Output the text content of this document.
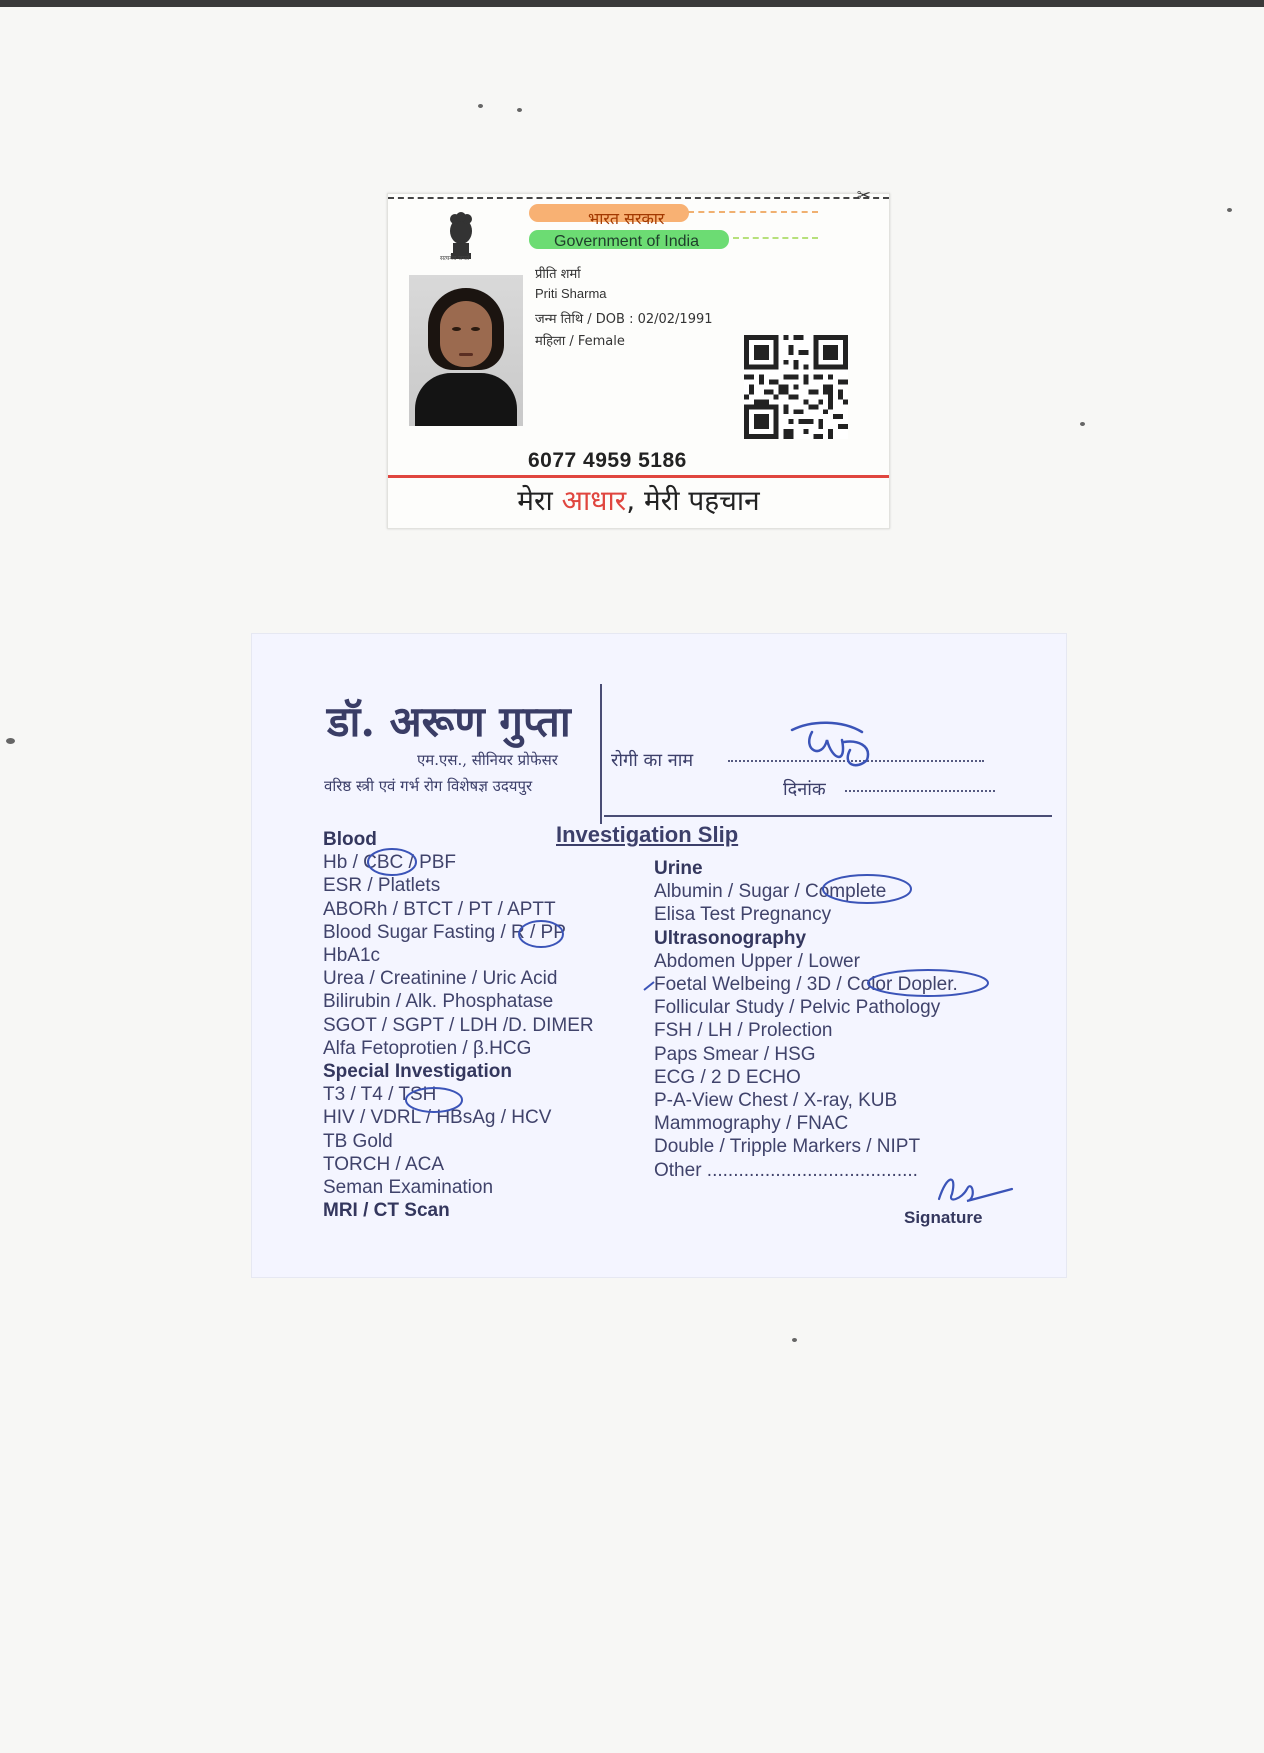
✂
सत्यमेव जयते
भारत सरकार
Government of India
प्रीति शर्मा
Priti Sharma
जन्म तिथि / DOB : 02/02/1991
महिला / Female
6077 4959 5186
मेरा आधार, मेरी पहचान
डॉ. अरूण गुप्ता
एम.एस., सीनियर प्रोफेसर
वरिष्ठ स्त्री एवं गर्भ रोग विशेषज्ञ उदयपुर
रोगी का नाम
दिनांक
Investigation Slip
Blood
Hb / CBC / PBF
ESR / Platlets
ABORh / BTCT / PT / APTT
Blood Sugar Fasting / R / PP
HbA1c
Urea / Creatinine / Uric Acid
Bilirubin / Alk. Phosphatase
SGOT / SGPT / LDH /D. DIMER
Alfa Fetoprotien / β.HCG
Special Investigation
T3 / T4 / TSH
HIV / VDRL / HBsAg / HCV
TB Gold
TORCH / ACA
Seman Examination
MRI / CT Scan
Urine
Albumin / Sugar / Complete
Elisa Test Pregnancy
Ultrasonography
Abdomen Upper / Lower
Foetal Welbeing / 3D / Color Dopler.
Follicular Study / Pelvic Pathology
FSH / LH / Prolection
Paps Smear / HSG
ECG / 2 D ECHO
P-A-View Chest / X-ray, KUB
Mammography / FNAC
Double / Tripple Markers / NIPT
Other ........................................
Signature
